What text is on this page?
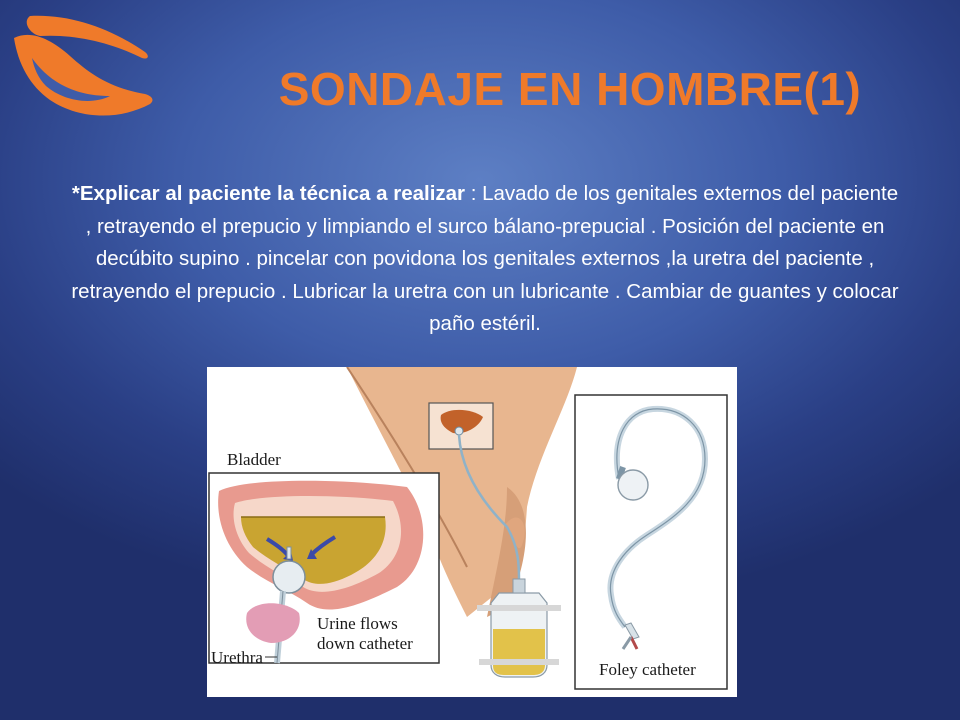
SONDAJE EN HOMBRE(1)
*Explicar al paciente la técnica a realizar : Lavado de los genitales externos del paciente , retrayendo el prepucio y limpiando el surco bálano-prepucial . Posición del paciente en decúbito supino . pincelar con povidona los genitales externos ,la uretra del paciente , retrayendo el prepucio . Lubricar la uretra con un lubricante . Cambiar de guantes y colocar paño estéril.
Bladder
Urine flows
down catheter
Urethra
Foley catheter
